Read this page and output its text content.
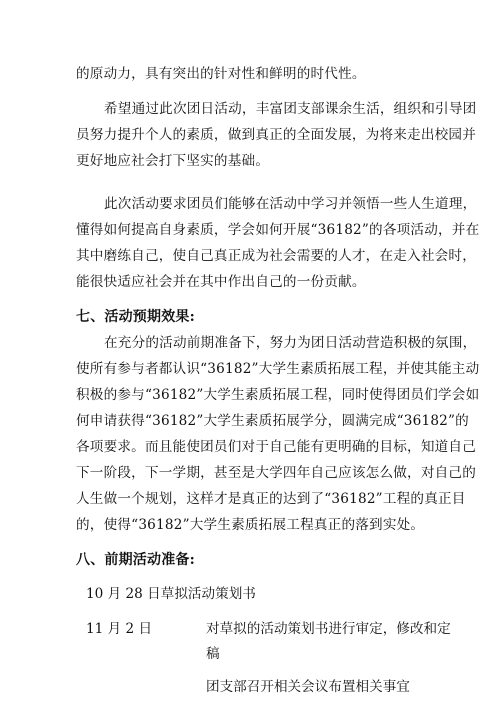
的原动力，具有突出的针对性和鲜明的时代性。
希望通过此次团日活动，丰富团支部课余生活，组织和引导团
员努力提升个人的素质，做到真正的全面发展，为将来走出校园并
更好地应社会打下坚实的基础。
此次活动要求团员们能够在活动中学习并领悟一些人生道理，
懂得如何提高自身素质，学会如何开展“36182”的各项活动，并在
其中磨练自己，使自己真正成为社会需要的人才，在走入社会时，
能很快适应社会并在其中作出自己的一份贡献。
七、活动预期效果:
在充分的活动前期准备下，努力为团日活动营造积极的氛围，
使所有参与者都认识“36182”大学生素质拓展工程，并使其能主动
积极的参与“36182”大学生素质拓展工程，同时使得团员们学会如
何申请获得“36182”大学生素质拓展学分，圆满完成“36182”的
各项要求。而且能使团员们对于自己能有更明确的目标，知道自己
下一阶段，下一学期，甚至是大学四年自己应该怎么做，对自己的
人生做一个规划，这样才是真正的达到了“36182”工程的真正目
的，使得“36182”大学生素质拓展工程真正的落到实处。
八、前期活动准备:
10 月 28 日草拟活动策划书
11 月 2 日	对草拟的活动策划书进行审定，修改和定
稿
团支部召开相关会议布置相关事宜
